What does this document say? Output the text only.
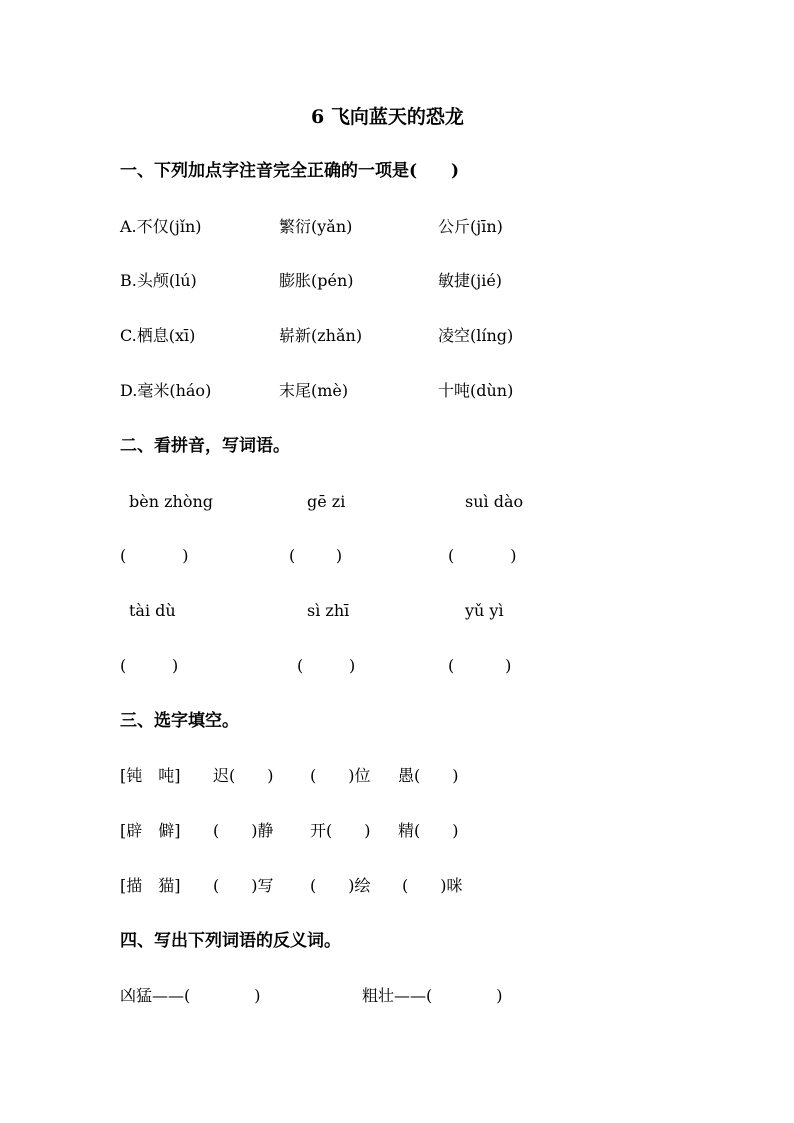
6 飞向蓝天的恐龙
一、下列加点字注音完全正确的一项是(　　)
A.不仅(jǐn)	繁衍(yǎn)	公斤(jīn)
B.头颅(lú)	膨胀(pén)	敏捷(jié)
C.栖息(xī)	崭新(zhǎn)	凌空(líng)
D.毫米(háo)	末尾(mè)	十吨(dùn)
二、看拼音，写词语。
bèn zhòng	gē zi	suì dào
(           )	(        )	(           )
tài dù	sì zhī	yǔ yì
(         )	(         )	(          )
三、选字填空。
[钝　吨] 迟(　　) (　　)位 愚(　　)
[辟　僻] (　　)静 开(　　) 精(　　)
[描　猫] (　　)写 (　　)绘 (　　)咪
四、写出下列词语的反义词。
凶猛——(　　　　)	粗壮——(　　　　)
